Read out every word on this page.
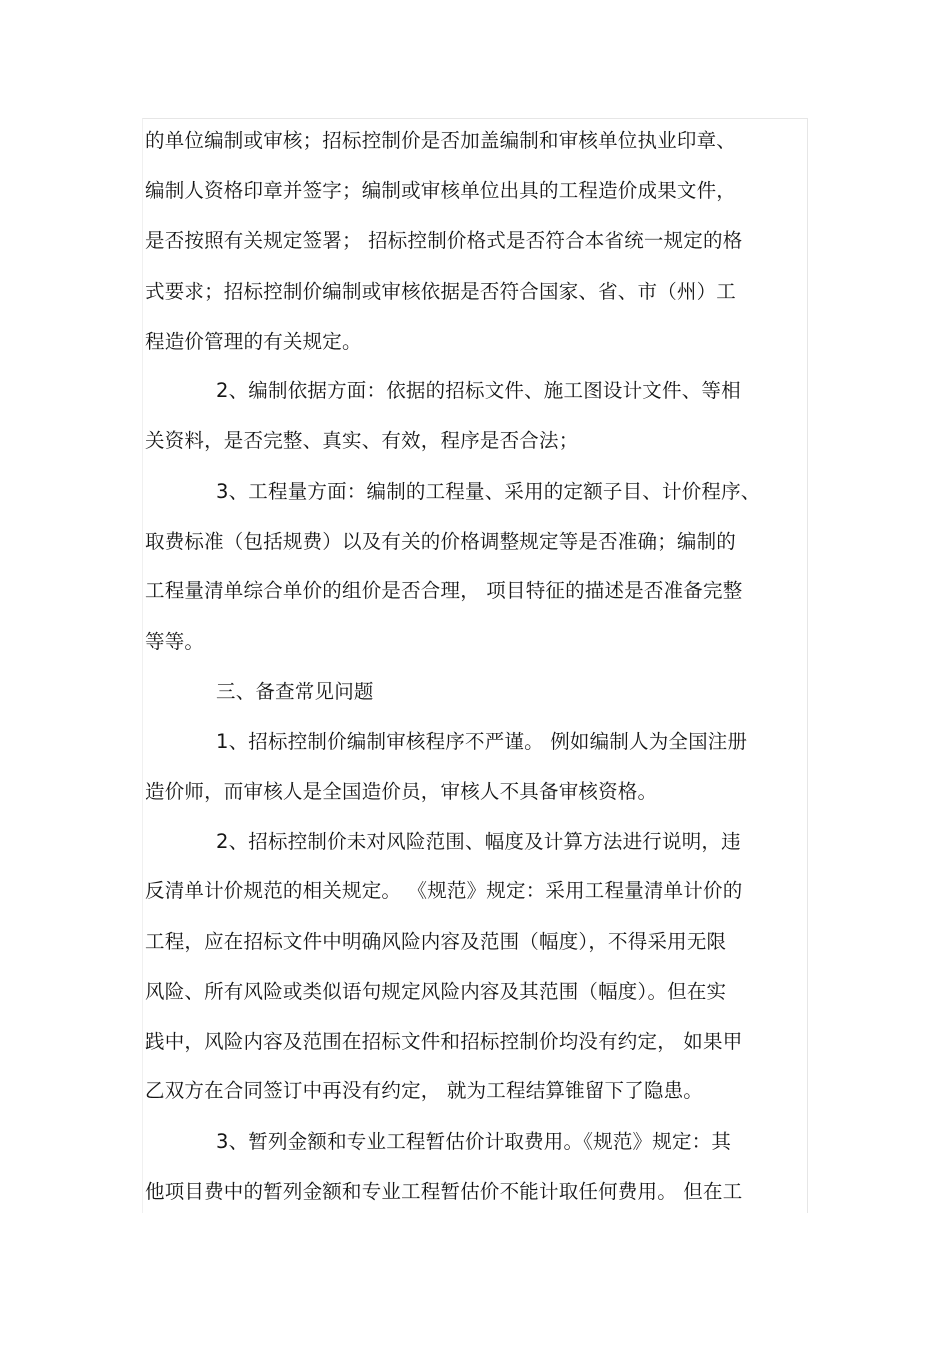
的单位编制或审核；招标控制价是否加盖编制和审核单位执业印章、
编制人资格印章并签字；编制或审核单位出具的工程造价成果文件，
是否按照有关规定签署； 招标控制价格式是否符合本省统一规定的格
式要求；招标控制价编制或审核依据是否符合国家、省、市（州）工
程造价管理的有关规定。
2、编制依据方面：依据的招标文件、施工图设计文件、等相
关资料，是否完整、真实、有效，程序是否合法；
3、工程量方面：编制的工程量、采用的定额子目、计价程序、
取费标准（包括规费）以及有关的价格调整规定等是否准确；编制的
工程量清单综合单价的组价是否合理， 项目特征的描述是否准备完整
等等。
三、备查常见问题
1、招标控制价编制审核程序不严谨。 例如编制人为全国注册
造价师，而审核人是全国造价员，审核人不具备审核资格。
2、招标控制价未对风险范围、幅度及计算方法进行说明，违
反清单计价规范的相关规定。 《规范》规定：采用工程量清单计价的
工程，应在招标文件中明确风险内容及范围（幅度），不得采用无限
风险、所有风险或类似语句规定风险内容及其范围（幅度）。但在实
践中，风险内容及范围在招标文件和招标控制价均没有约定， 如果甲
乙双方在合同签订中再没有约定， 就为工程结算锥留下了隐患。
3、暂列金额和专业工程暂估价计取费用。《规范》规定：其
他项目费中的暂列金额和专业工程暂估价不能计取任何费用。 但在工
